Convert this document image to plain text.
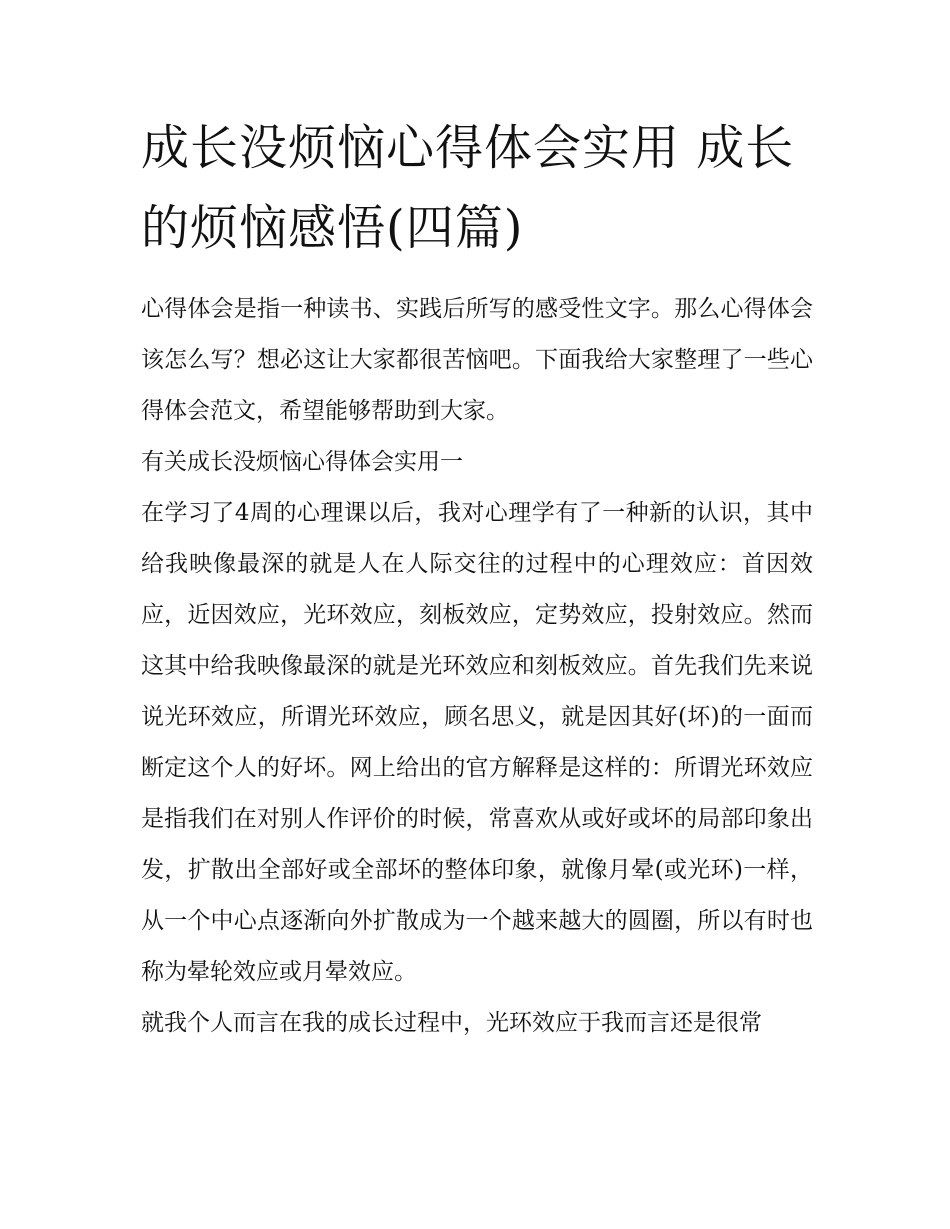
成长没烦恼心得体会实用 成长的烦恼感悟(四篇)

心得体会是指一种读书、实践后所写的感受性文字。那么心得体会该怎么写？想必这让大家都很苦恼吧。下面我给大家整理了一些心得体会范文，希望能够帮助到大家。

有关成长没烦恼心得体会实用一

在学习了4周的心理课以后，我对心理学有了一种新的认识，其中给我映像最深的就是人在人际交往的过程中的心理效应：首因效应，近因效应，光环效应，刻板效应，定势效应，投射效应。然而这其中给我映像最深的就是光环效应和刻板效应。首先我们先来说说光环效应，所谓光环效应，顾名思义，就是因其好(坏)的一面而断定这个人的好坏。网上给出的官方解释是这样的：所谓光环效应是指我们在对别人作评价的时候，常喜欢从或好或坏的局部印象出发，扩散出全部好或全部坏的整体印象，就像月晕(或光环)一样，从一个中心点逐渐向外扩散成为一个越来越大的圆圈，所以有时也称为晕轮效应或月晕效应。

就我个人而言在我的成长过程中，光环效应于我而言还是很常
